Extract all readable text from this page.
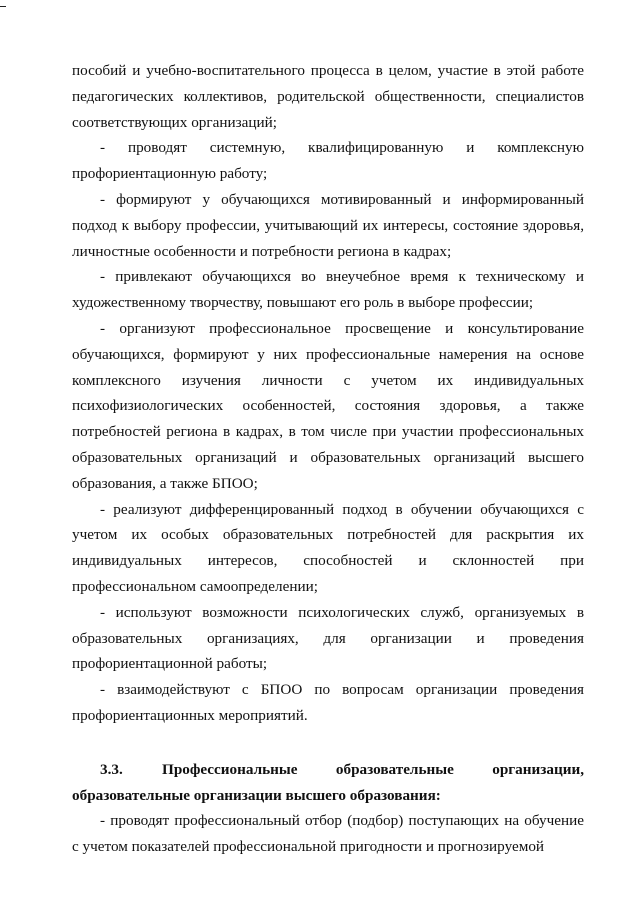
пособий и учебно-воспитательного процесса в целом, участие в этой работе педагогических коллективов, родительской общественности, специалистов соответствующих организаций;

- проводят системную, квалифицированную и комплексную профориентационную работу;

- формируют у обучающихся мотивированный и информированный подход к выбору профессии, учитывающий их интересы, состояние здоровья, личностные особенности и потребности региона в кадрах;

- привлекают обучающихся во внеучебное время к техническому и художественному творчеству, повышают его роль в выборе профессии;

- организуют профессиональное просвещение и консультирование обучающихся, формируют у них профессиональные намерения на основе комплексного изучения личности с учетом их индивидуальных психофизиологических особенностей, состояния здоровья, а также потребностей региона в кадрах, в том числе при участии профессиональных образовательных организаций и образовательных организаций высшего образования, а также БПОО;

- реализуют дифференцированный подход в обучении обучающихся с учетом их особых образовательных потребностей для раскрытия их индивидуальных интересов, способностей и склонностей при профессиональном самоопределении;

- используют возможности психологических служб, организуемых в образовательных организациях, для организации и проведения профориентационной работы;

- взаимодействуют с БПОО по вопросам организации проведения профориентационных мероприятий.

3.3.	Профессиональные образовательные организации, образовательные организации высшего образования:

- проводят профессиональный отбор (подбор) поступающих на обучение с учетом показателей профессиональной пригодности и прогнозируемой
